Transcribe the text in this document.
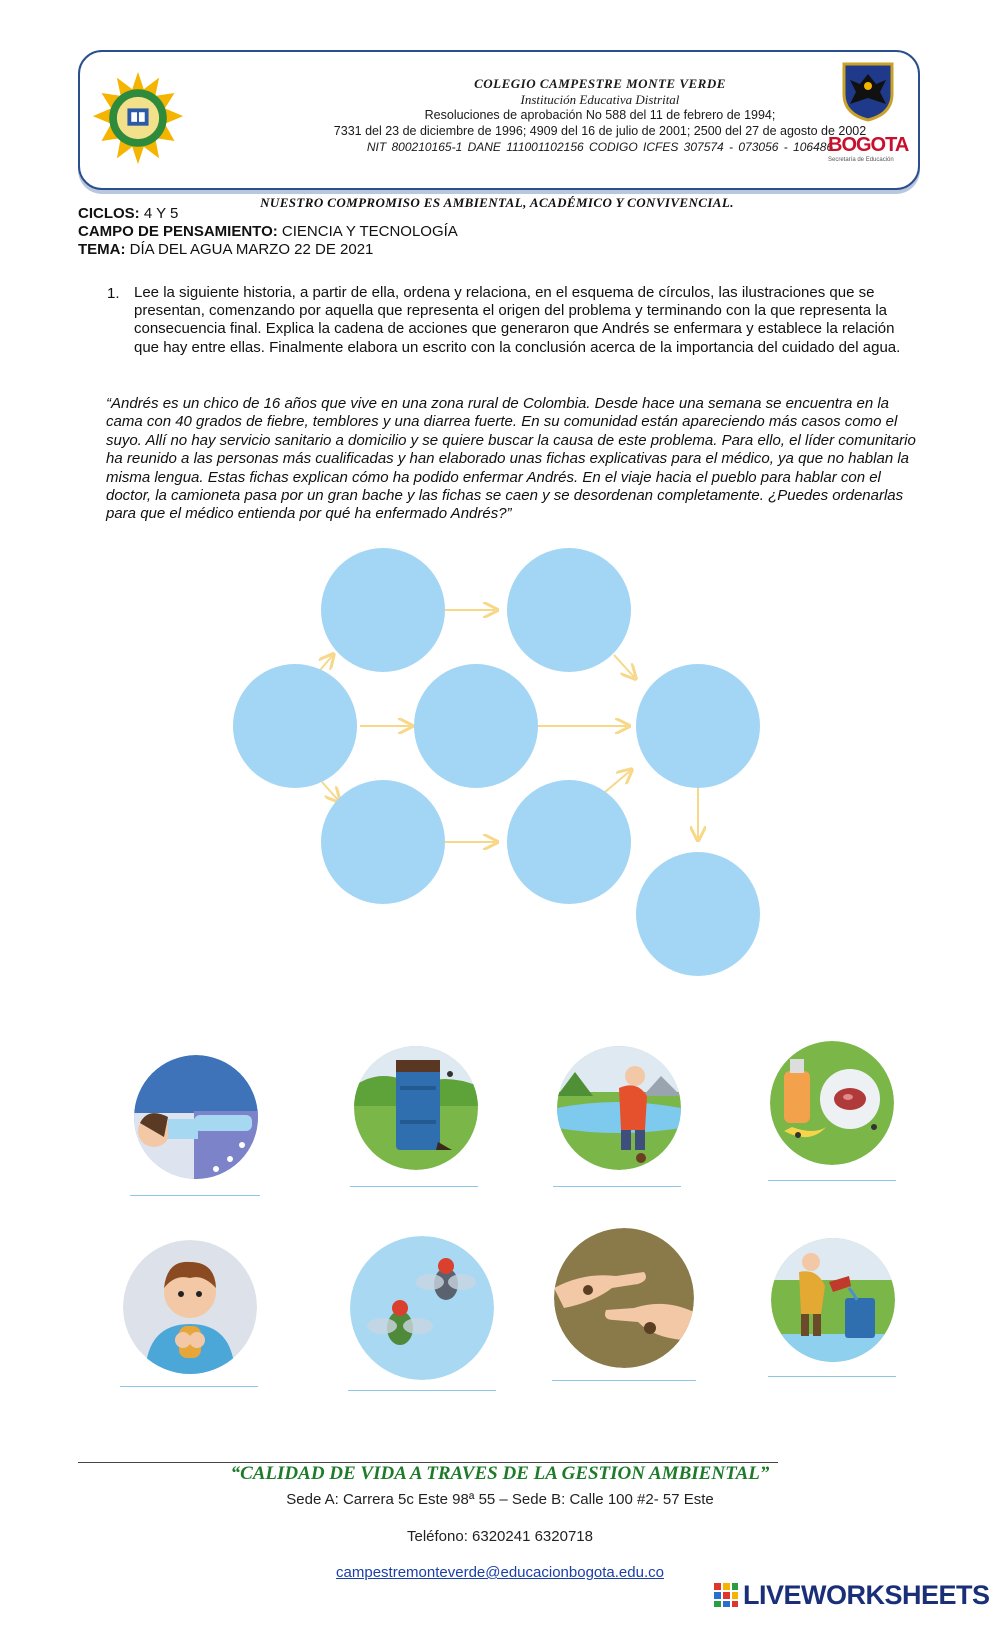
COLEGIO CAMPESTRE MONTE VERDE
Institución Educativa Distrital
Resoluciones de aprobación No 588 del 11 de febrero de 1994;
7331 del 23 de diciembre de 1996; 4909 del 16 de julio de 2001; 2500 del 27 de agosto de 2002
NIT 800210165-1 DANE 111001102156 CODIGO ICFES 307574 - 073056 - 106486
BOGOTA
Secretaría de Educación
NUESTRO COMPROMISO ES AMBIENTAL, ACADÉMICO Y CONVIVENCIAL.
CICLOS: 4 Y 5
CAMPO DE PENSAMIENTO: CIENCIA Y TECNOLOGÍA
TEMA: DÍA DEL AGUA MARZO 22 DE 2021
1. Lee la siguiente historia, a partir de ella, ordena y relaciona, en el esquema de círculos, las ilustraciones que se presentan, comenzando por aquella que representa el origen del problema y terminando con la que representa la consecuencia final. Explica la cadena de acciones que generaron que Andrés se enfermara y establece la relación que hay entre ellas. Finalmente elabora un escrito con la conclusión acerca de la importancia del cuidado del agua.
“Andrés es un chico de 16 años que vive en una zona rural de Colombia. Desde hace una semana se encuentra en la cama con 40 grados de fiebre, temblores y una diarrea fuerte. En su comunidad están apareciendo más casos como el suyo. Allí no hay servicio sanitario a domicilio y se quiere buscar la causa de este problema. Para ello, el líder comunitario ha reunido a las personas más cualificadas y han elaborado unas fichas explicativas para el médico, ya que no hablan la misma lengua. Estas fichas explican cómo ha podido enfermar Andrés. En el viaje hacia el pueblo para hablar con el doctor, la camioneta pasa por un gran bache y las fichas se caen y se desordenan completamente. ¿Puedes ordenarlas para que el médico entienda por qué ha enfermado Andrés?”
“CALIDAD DE VIDA A TRAVES DE LA GESTION AMBIENTAL”
Sede A: Carrera 5c Este 98ª 55 – Sede B: Calle 100 #2- 57 Este
Teléfono: 6320241 6320718
campestremonteverde@educacionbogota.edu.co
LIVEWORKSHEETS
